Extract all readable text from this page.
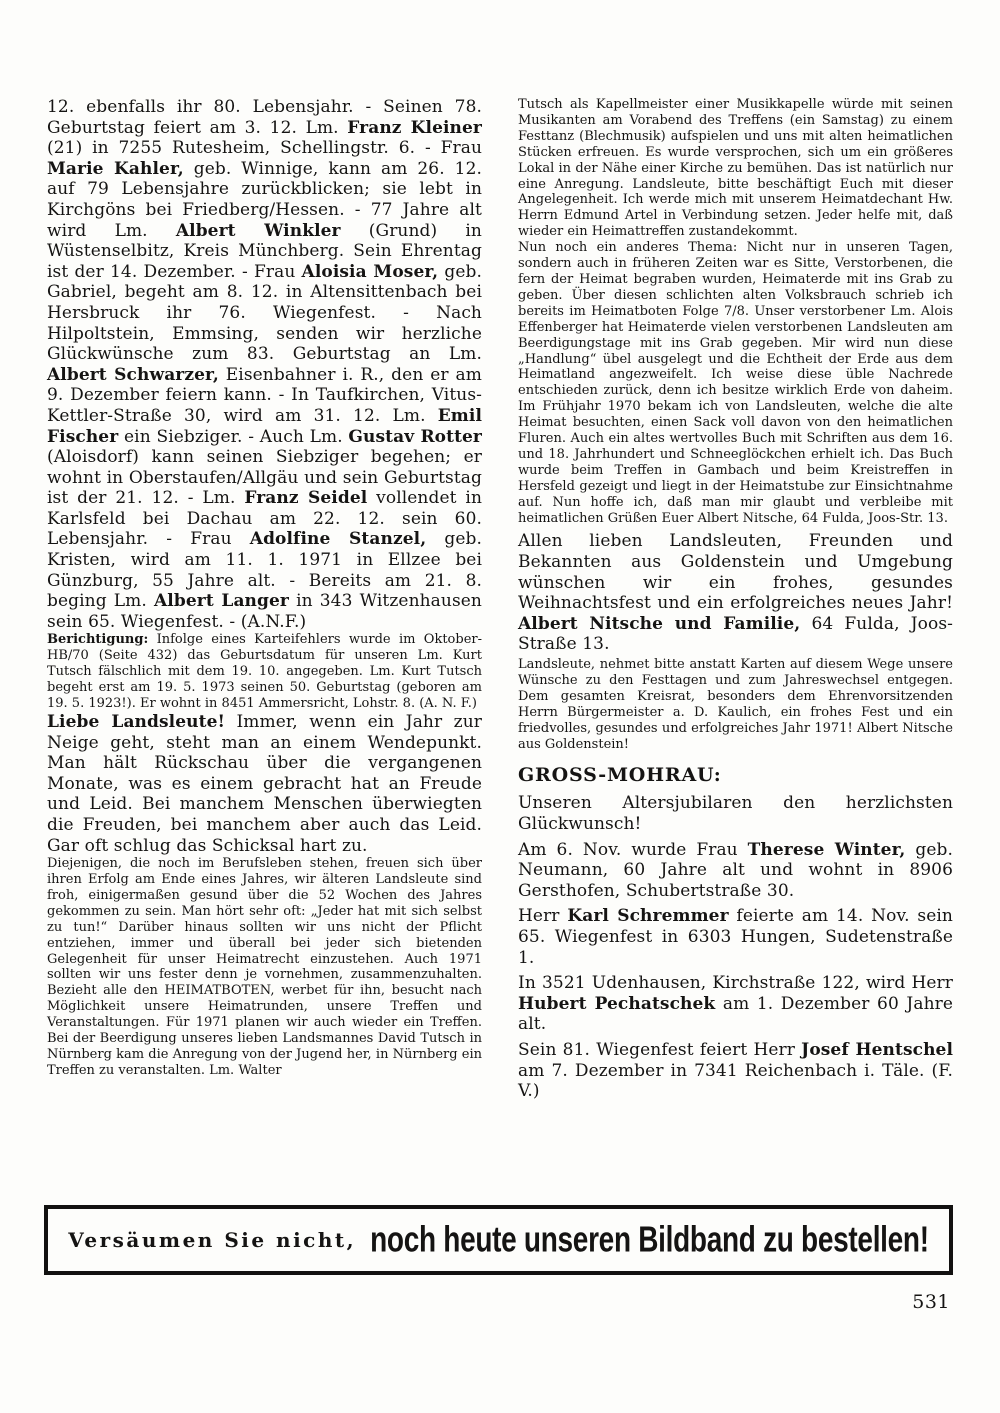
12. ebenfalls ihr 80. Lebensjahr. - Seinen 78. Geburtstag feiert am 3. 12. Lm. Franz Kleiner (21) in 7255 Rutesheim, Schellingstr. 6. - Frau Marie Kahler, geb. Winnige, kann am 26. 12. auf 79 Lebensjahre zurückblicken; sie lebt in Kirchgöns bei Friedberg/Hessen. - 77 Jahre alt wird Lm. Albert Winkler (Grund) in Wüstenselbitz, Kreis Münchberg. Sein Ehrentag ist der 14. Dezember. - Frau Aloisia Moser, geb. Gabriel, begeht am 8. 12. in Altensittenbach bei Hersbruck ihr 76. Wiegenfest. - Nach Hilpoltstein, Emmsing, senden wir herzliche Glückwünsche zum 83. Geburtstag an Lm. Albert Schwarzer, Eisenbahner i. R., den er am 9. Dezember feiern kann. - In Taufkirchen, Vitus-Kettler-Straße 30, wird am 31. 12. Lm. Emil Fischer ein Siebziger. - Auch Lm. Gustav Rotter (Aloisdorf) kann seinen Siebziger begehen; er wohnt in Oberstaufen/Allgäu und sein Geburtstag ist der 21. 12. - Lm. Franz Seidel vollendet in Karlsfeld bei Dachau am 22. 12. sein 60. Lebensjahr. - Frau Adolfine Stanzel, geb. Kristen, wird am 11. 1. 1971 in Ellzee bei Günzburg, 55 Jahre alt. - Bereits am 21. 8. beging Lm. Albert Langer in 343 Witzenhausen sein 65. Wiegenfest. - (A.N.F.)

Berichtigung: Infolge eines Karteifehlers wurde im Oktober-HB/70 (Seite 432) das Geburtsdatum für unseren Lm. Kurt Tutsch fälschlich mit dem 19. 10. angegeben. Lm. Kurt Tutsch begeht erst am 19. 5. 1973 seinen 50. Geburtstag (geboren am 19. 5. 1923!). Er wohnt in 8451 Ammersricht, Lohstr. 8. (A. N. F.)

Liebe Landsleute! Immer, wenn ein Jahr zur Neige geht, steht man an einem Wendepunkt. Man hält Rückschau über die vergangenen Monate, was es einem gebracht hat an Freude und Leid. Bei manchem Menschen überwiegten die Freuden, bei manchem aber auch das Leid. Gar oft schlug das Schicksal hart zu.

Diejenigen, die noch im Berufsleben stehen, freuen sich über ihren Erfolg am Ende eines Jahres, wir älteren Landsleute sind froh, einigermaßen gesund über die 52 Wochen des Jahres gekommen zu sein. Man hört sehr oft: „Jeder hat mit sich selbst zu tun!“ Darüber hinaus sollten wir uns nicht der Pflicht entziehen, immer und überall bei jeder sich bietenden Gelegenheit für unser Heimatrecht einzustehen. Auch 1971 sollten wir uns fester denn je vornehmen, zusammenzuhalten. Bezieht alle den HEIMATBOTEN, werbet für ihn, besucht nach Möglichkeit unsere Heimatrunden, unsere Treffen und Veranstaltungen. Für 1971 planen wir auch wieder ein Treffen. Bei der Beerdigung unseres lieben Landsmannes David Tutsch in Nürnberg kam die Anregung von der Jugend her, in Nürnberg ein Treffen zu veranstalten. Lm. Walter

Tutsch als Kapellmeister einer Musikkapelle würde mit seinen Musikanten am Vorabend des Treffens (ein Samstag) zu einem Festtanz (Blechmusik) aufspielen und uns mit alten heimatlichen Stücken erfreuen. Es wurde versprochen, sich um ein größeres Lokal in der Nähe einer Kirche zu bemühen. Das ist natürlich nur eine Anregung. Landsleute, bitte beschäftigt Euch mit dieser Angelegenheit. Ich werde mich mit unserem Heimatdechant Hw. Herrn Edmund Artel in Verbindung setzen. Jeder helfe mit, daß wieder ein Heimattreffen zustandekommt.

Nun noch ein anderes Thema: Nicht nur in unseren Tagen, sondern auch in früheren Zeiten war es Sitte, Verstorbenen, die fern der Heimat begraben wurden, Heimaterde mit ins Grab zu geben. Über diesen schlichten alten Volksbrauch schrieb ich bereits im Heimatboten Folge 7/8. Unser verstorbener Lm. Alois Effenberger hat Heimaterde vielen verstorbenen Landsleuten am Beerdigungstage mit ins Grab gegeben. Mir wird nun diese „Handlung“ übel ausgelegt und die Echtheit der Erde aus dem Heimatland angezweifelt. Ich weise diese üble Nachrede entschieden zurück, denn ich besitze wirklich Erde von daheim. Im Frühjahr 1970 bekam ich von Landsleuten, welche die alte Heimat besuchten, einen Sack voll davon von den heimatlichen Fluren. Auch ein altes wertvolles Buch mit Schriften aus dem 16. und 18. Jahrhundert und Schneeglöckchen erhielt ich. Das Buch wurde beim Treffen in Gambach und beim Kreistreffen in Hersfeld gezeigt und liegt in der Heimatstube zur Einsichtnahme auf. Nun hoffe ich, daß man mir glaubt und verbleibe mit heimatlichen Grüßen Euer Albert Nitsche, 64 Fulda, Joos-Str. 13.

Allen lieben Landsleuten, Freunden und Bekannten aus Goldenstein und Umgebung wünschen wir ein frohes, gesundes Weihnachtsfest und ein erfolgreiches neues Jahr! Albert Nitsche und Familie, 64 Fulda, Joos-Straße 13.

Landsleute, nehmet bitte anstatt Karten auf diesem Wege unsere Wünsche zu den Festtagen und zum Jahreswechsel entgegen. Dem gesamten Kreisrat, besonders dem Ehrenvorsitzenden Herrn Bürgermeister a. D. Kaulich, ein frohes Fest und ein friedvolles, gesundes und erfolgreiches Jahr 1971! Albert Nitsche aus Goldenstein!

GROSS-MOHRAU:

Unseren Altersjubilaren den herzlichsten Glückwunsch!

Am 6. Nov. wurde Frau Therese Winter, geb. Neumann, 60 Jahre alt und wohnt in 8906 Gersthofen, Schubertstraße 30.

Herr Karl Schremmer feierte am 14. Nov. sein 65. Wiegenfest in 6303 Hungen, Sudetenstraße 1.

In 3521 Udenhausen, Kirchstraße 122, wird Herr Hubert Pechatschek am 1. Dezember 60 Jahre alt.

Sein 81. Wiegenfest feiert Herr Josef Hentschel am 7. Dezember in 7341 Reichenbach i. Täle. (F. V.)

Versäumen Sie nicht, noch heute unseren Bildband zu bestellen!
531
